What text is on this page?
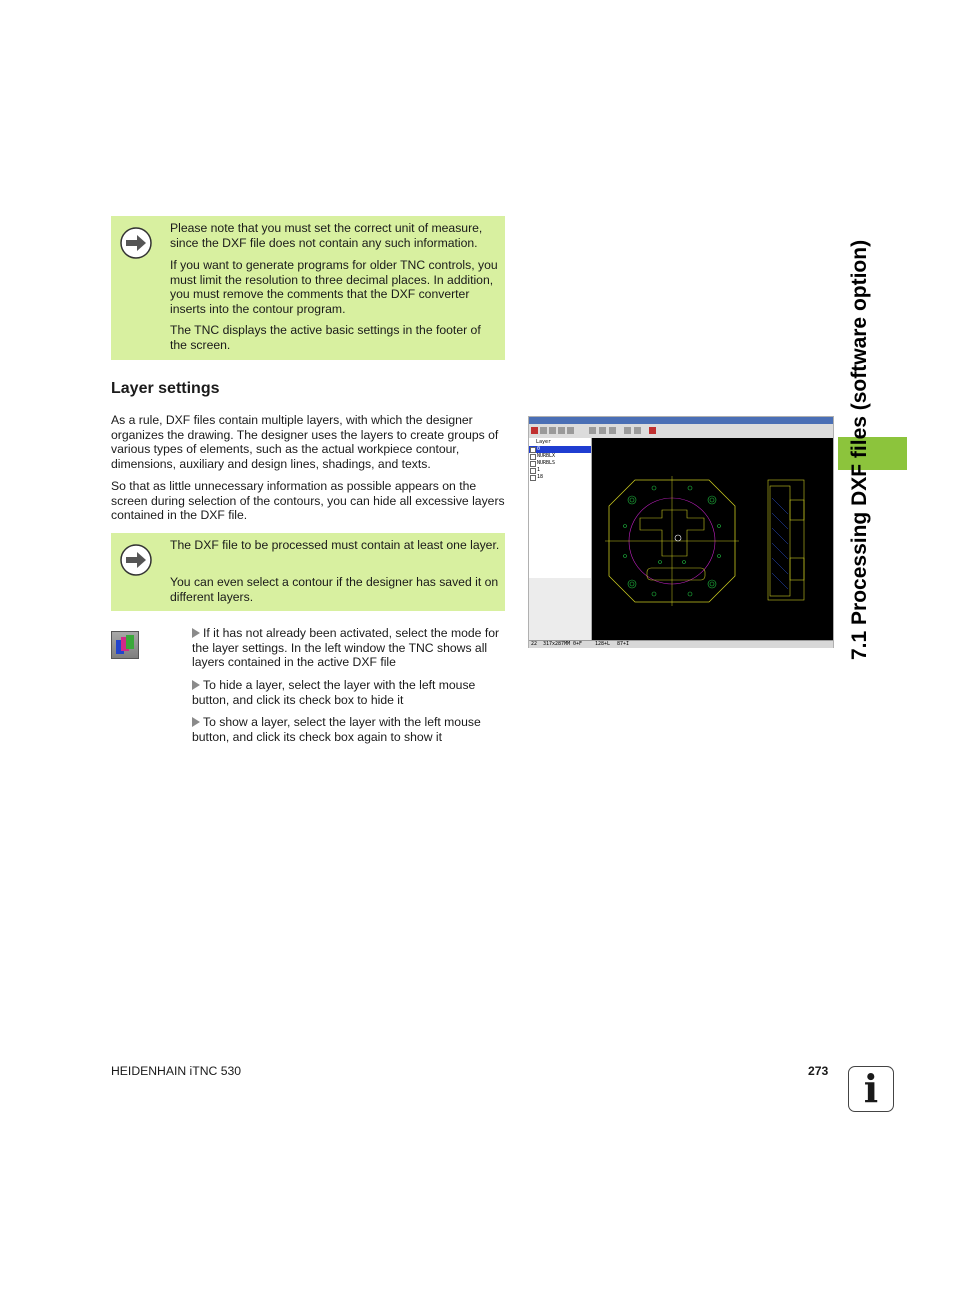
Please note that you must set the correct unit of measure, since the DXF file does not contain any such information.

If you want to generate programs for older TNC controls, you must limit the resolution to three decimal places. In addition, you must remove the comments that the DXF converter inserts into the contour program.

The TNC displays the active basic settings in the footer of the screen.

Layer settings

As a rule, DXF files contain multiple layers, with which the designer organizes the drawing. The designer uses the layers to create groups of various types of elements, such as the actual workpiece contour, dimensions, auxiliary and design lines, shadings, and texts.

So that as little unnecessary information as possible appears on the screen during selection of the contours, you can hide all excessive layers contained in the DXF file.

The DXF file to be processed must contain at least one layer.

You can even select a contour if the designer has saved it on different layers.

If it has not already been activated, select the mode for the layer settings. In the left window the TNC shows all layers contained in the active DXF file

To hide a layer, select the layer with the left mouse button, and click its check box to hide it

To show a layer, select the layer with the left mouse button, and click its check box again to show it

Layer
0
NURBLX
NURBLS
1
18
22 317x287MM 0+F	128+L 87+I	7.1 Processing DXF files (software option)
HEIDENHAIN iTNC 530	273 i
